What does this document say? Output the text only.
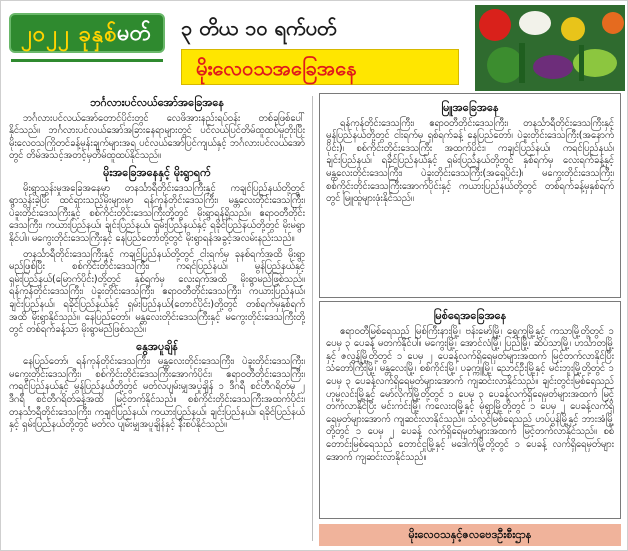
၂၀၂၂ ခုနှစ် မတ် ၃ တိယ ၁၀ ရက်ပတ်
မိုးလေဝသအခြေအနေ
ဘင်္ဂလားပင်လယ်အော်အခြေအနေ

ဘင်္ဂလားပင်လယ်အော်တောင်ပိုင်းတွင် လေဖိအားနည်းရပ်ဝန်း တစ်ခုဖြစ်ပေါ်နိုင်သည်။ ဘင်္ဂလားပင်လယ်အော်အခြားနေရာများတွင် ပင်လယ်ပြင်တိမ်ထူထပ်မှုတိုးပြီး မိုးလေဝသကြိုတင်ခန့်မှန်းချက်များအရ ပင်လယ်အော်ပြင်ကျယ်နှင့် ဘင်္ဂလားပင်လယ်အော်တွင် တိမ်အသင့်အတင့်မှတိမ်ထူထပ်နိုင်သည်။

မိုးအခြေအနေနှင့် မိုးရွာရက်

မိုးရွာသွန်းမှုအခြေအနေမှာ တနင်္သာရီတိုင်းဒေသကြီးနှင့် ကချင်ပြည်နယ်တို့တွင် ရွာသွန်းခဲ့ပြီး ထင်ရှားသည့်မိုးများမှာ ရန်ကုန်တိုင်းဒေသကြီး၊ မန္တလေးတိုင်းဒေသကြီး၊ ပဲခူးတိုင်းဒေသကြီးနှင့် စစ်ကိုင်းတိုင်းဒေသကြီးတို့တွင် မိုးရွာရန်ရှိသည်။ ဧရာဝတီတိုင်းဒေသကြီး၊ ကယားပြည်နယ်၊ ချင်းပြည်နယ်၊ ရှမ်းပြည်နယ်နှင့် ရခိုင်ပြည်နယ်တို့တွင် မိုးမရွာနိုင်ပါ။ မကွေးတိုင်းဒေသကြီးနှင့် နေပြည်တော်တို့တွင် မိုးရွာရန်အခွင့်အလမ်းနည်းသည်။

တနင်္သာရီတိုင်းဒေသကြီးနှင့် ကချင်ပြည်နယ်တို့တွင် ငါးရက်မှ ခုနစ်ရက်အထိ မိုးရွာမည်ဖြစ်ပြီး စစ်ကိုင်းတိုင်းဒေသကြီး၊ ကရင်ပြည်နယ်၊ မွန်ပြည်နယ်နှင့် ရှမ်းပြည်နယ်(မြောက်ပိုင်း)တို့တွင် နှစ်ရက်မှ လေးရက်အထိ မိုးရွာမည်ဖြစ်သည်။ ရန်ကုန်တိုင်းဒေသကြီး၊ ပဲခူးတိုင်းဒေသကြီး၊ ဧရာဝတီတိုင်းဒေသကြီး၊ ကယားပြည်နယ်၊ ချင်းပြည်နယ်၊ ရခိုင်ပြည်နယ်နှင့် ရှမ်းပြည်နယ်(တောင်ပိုင်း)တို့တွင် တစ်ရက်မှနှစ်ရက်အထိ မိုးရွာနိုင်သည်။ နေပြည်တော်၊ မန္တလေးတိုင်းဒေသကြီးနှင့် မကွေးတိုင်းဒေသကြီးတို့တွင် တစ်ရက်ခန့်သာ မိုးရွာမည်ဖြစ်သည်။

နွေအပူချိန်

နေပြည်တော်၊ ရန်ကုန်တိုင်းဒေသကြီး၊ မန္တလေးတိုင်းဒေသကြီး၊ ပဲခူးတိုင်းဒေသကြီး၊ မကွေးတိုင်းဒေသကြီး၊ စစ်ကိုင်းတိုင်းဒေသကြီးအောက်ပိုင်း၊ ဧရာဝတီတိုင်းဒေသကြီး၊ ကရင်ပြည်နယ်နှင့် မွန်ပြည်နယ်တို့တွင် မတ်လပျမ်းမျှအပူချိန် ၁ ဒီဂရီ စင်တီဂရိတ်မှ ၂ ဒီဂရီ စင်တီဂရိတ်ခန့်အထိ မြင့်တက်နိုင်သည်။ စစ်ကိုင်းတိုင်းဒေသကြီးအထက်ပိုင်း၊ တနင်္သာရီတိုင်းဒေသကြီး၊ ကချင်ပြည်နယ်၊ ကယားပြည်နယ်၊ ချင်းပြည်နယ်၊ ရခိုင်ပြည်နယ်နှင့် ရှမ်းပြည်နယ်တို့တွင် မတ်လ ပျမ်းမျှအပူချိန်နှင့် နီးစပ်နိုင်သည်။

မြူအခြေအနေ

ရန်ကုန်တိုင်းဒေသကြီး၊ ဧရာဝတီတိုင်းဒေသကြီး၊ တနင်္သာရီတိုင်းဒေသကြီးနှင့် မွန်ပြည်နယ်တို့တွင် ငါးရက်မှ ရှစ်ရက်ခန့် နေပြည်တော်၊ ပဲခူးတိုင်းဒေသကြီး(အနောက်ပိုင်း)၊ စစ်ကိုင်းတိုင်းဒေသကြီး အထက်ပိုင်း၊ ကချင်ပြည်နယ်၊ ကရင်ပြည်နယ်၊ ချင်းပြည်နယ်၊ ရခိုင်ပြည်နယ်နှင့် ရှမ်းပြည်နယ်တို့တွင် နှစ်ရက်မှ လေးရက်ခန့်နှင့် မန္တလေးတိုင်းဒေသကြီး၊ ပဲခူးတိုင်းဒေသကြီး(အရှေ့ပိုင်း)၊ မကွေးတိုင်းဒေသကြီး၊ စစ်ကိုင်းတိုင်းဒေသကြီးအောက်ပိုင်းနှင့် ကယားပြည်နယ်တို့တွင် တစ်ရက်ခန့်မှနှစ်ရက်တွင် မြူထူများဖုံးနိုင်သည်။

မြစ်ရေအခြေအနေ

ဧရာဝတီမြစ်ရေသည် မြစ်ကြီးနားမြို့၊ ဗန်းမော်မြို့၊ ရွှေကူမြို့နှင့် ကသာမြို့တို့တွင် ၁ ပေမှ ၃ ပေခန့် မတက်နိုင်ပါ။ မကွေးမြို့၊ အောင်လံမြို့၊ ပြည်မြို့၊ ဆိပ်သာမြို့၊ ဟင်္သာတမြို့နှင့် ဇလွန်မြို့တို့တွင် ၁ ပေမှ ၂ ပေခန့်လက်ရှိရေမှတ်များအထက် မြင့်တက်လာနိုင်ပြီး သံတော်ကြီးမြို့၊ မန္တလေးမြို့၊ စစ်ကိုင်းမြို့၊ ပခုက္ကူမြို့၊ ညောင်ဦးမြို့နှင့် မင်းဘူးမြို့တို့တွင် ၁ ပေမှ ၃ ပေခန့်လက်ရှိရေမှတ်များအောက် ကျဆင်းလာနိုင်သည်။ ချင်းတွင်းမြစ်ရေသည် ဟုမ္မလင်းမြို့နှင့် မော်လိုက်မြို့တို့တွင် ၁ ပေမှ ၃ ပေခန့်လက်ရှိရေမှတ်များအထက် မြင့်တက်လာနိုင်ပြီး မင်းကင်းမြို့၊ ကလေးဝမြို့နှင့် မုံရွာမြို့တို့တွင် ၁ ပေမှ ၂ ပေခန့်လက်ရှိရေမှတ်များအောက် ကျဆင်းလာနိုင်သည်။ သံလွင်မြစ်ရေသည် ဟပ်ပွန်မြို့နှင့် ဘားအံမြို့တို့တွင် ၁ ပေမှ ၂ ပေခန့် လက်ရှိရေမှတ်များအထက် မြင့်တက်လာနိုင်သည်။ စစ်တောင်းမြစ်ရေသည် တောင်ငူမြို့နှင့် မဒေါက်မြို့တို့တွင် ၁ ပေခန့် လက်ရှိရေမှတ်များအောက် ကျဆင်းလာနိုင်သည်။

မိုးလေဝသနှင့်ဇလဗေဒဦးစီးဌာန
